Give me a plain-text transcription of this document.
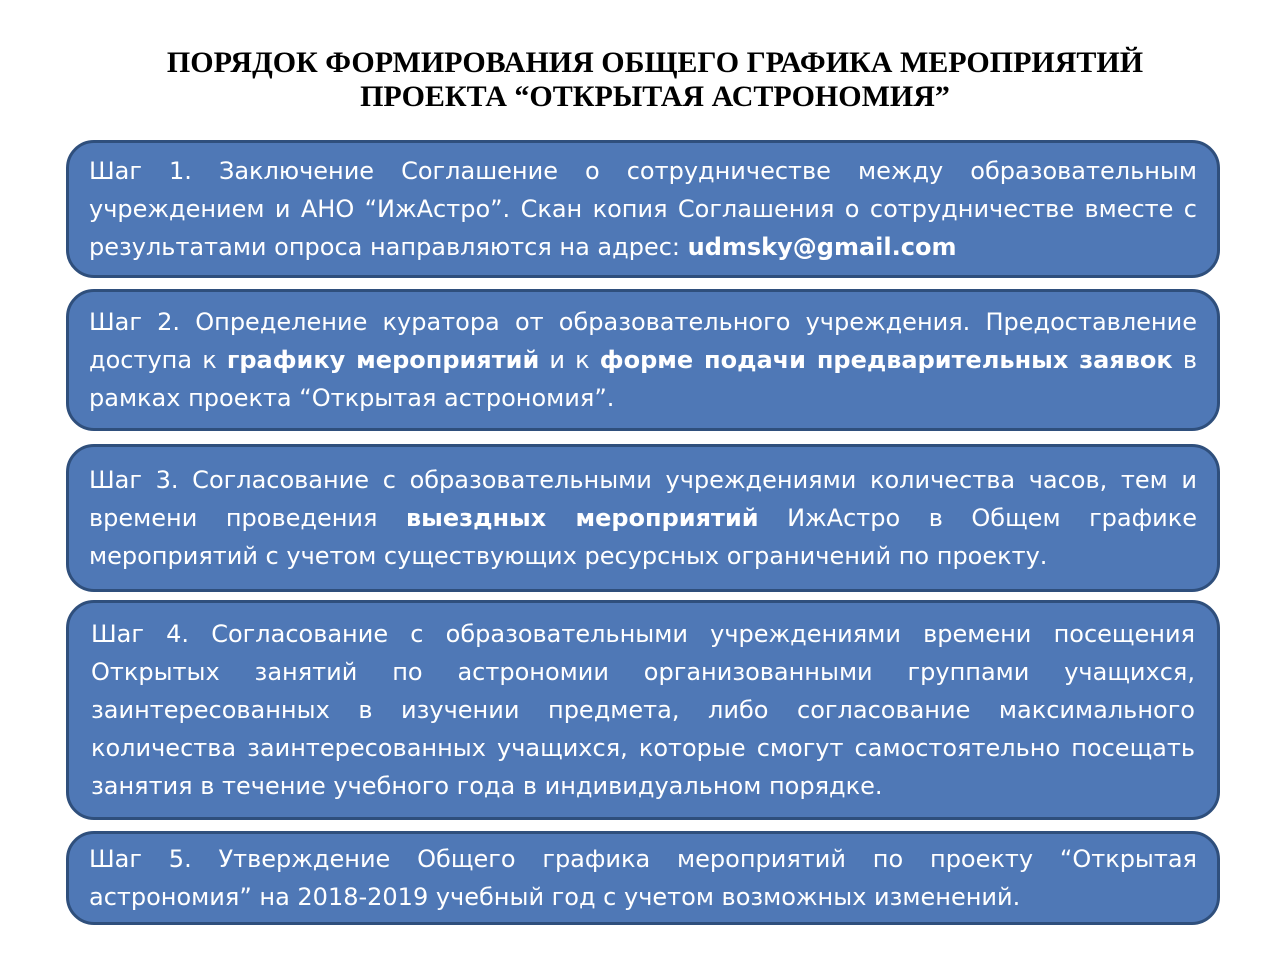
ПОРЯДОК ФОРМИРОВАНИЯ ОБЩЕГО ГРАФИКА МЕРОПРИЯТИЙ
ПРОЕКТА “ОТКРЫТАЯ АСТРОНОМИЯ”
Шаг 1. Заключение Соглашение о сотрудничестве между образовательным учреждением и АНО “ИжАстро”. Скан копия Соглашения о сотрудничестве вместе с результатами опроса направляются на адрес: udmsky@gmail.com
Шаг 2. Определение куратора от образовательного учреждения. Предоставление доступа к графику мероприятий и к форме подачи предварительных заявок в рамках проекта “Открытая астрономия”.
Шаг 3. Согласование с образовательными учреждениями количества часов, тем и времени проведения выездных мероприятий ИжАстро в Общем графике мероприятий с учетом существующих ресурсных ограничений по проекту.
Шаг 4. Согласование с образовательными учреждениями времени посещения Открытых занятий по астрономии организованными группами учащихся, заинтересованных в изучении предмета, либо согласование максимального количества заинтересованных учащихся, которые смогут самостоятельно посещать занятия в течение учебного года в индивидуальном порядке.
Шаг 5. Утверждение Общего графика мероприятий по проекту “Открытая астрономия” на 2018-2019 учебный год с учетом возможных изменений.
